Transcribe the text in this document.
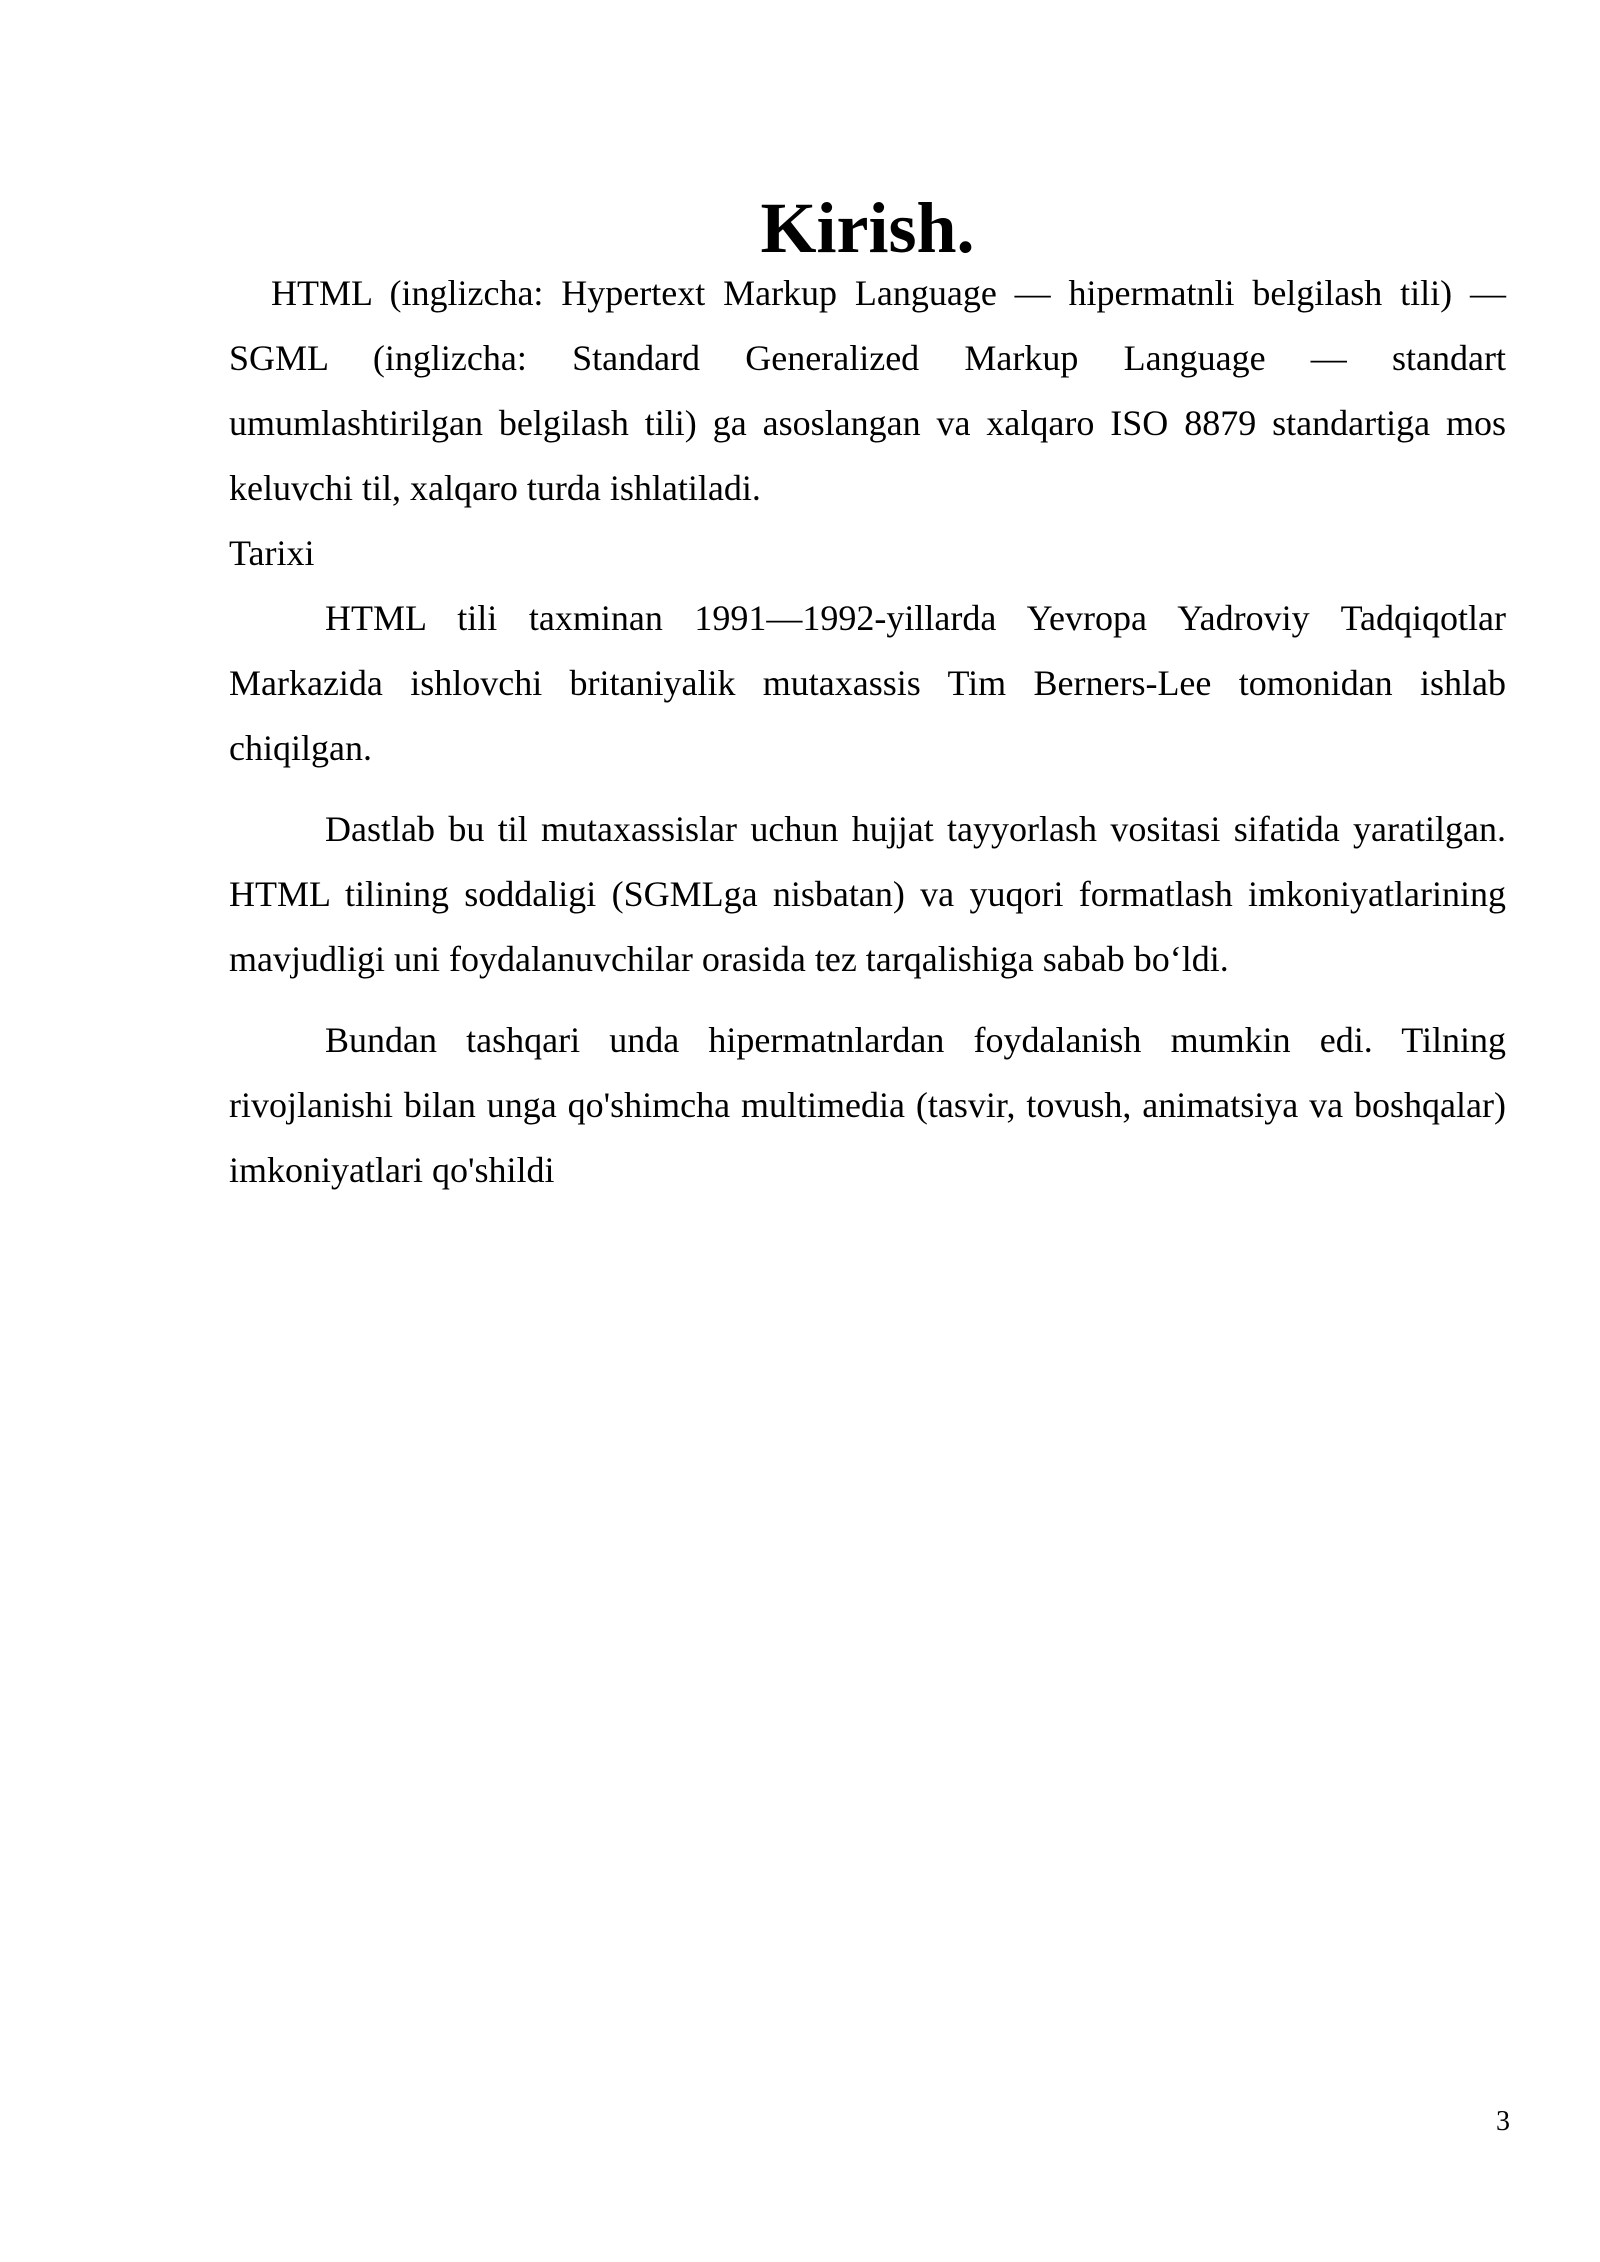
Kirish.

HTML (inglizcha: Hypertext Markup Language — hipermatnli belgilash tili) — SGML (inglizcha: Standard Generalized Markup Language — standart umumlashtirilgan belgilash tili) ga asoslangan va xalqaro ISO 8879 standartiga mos keluvchi til, xalqaro turda ishlatiladi.

Tarixi

HTML tili taxminan 1991—1992-yillarda Yevropa Yadroviy Tadqiqotlar Markazida ishlovchi britaniyalik mutaxassis Tim Berners-Lee tomonidan ishlab chiqilgan.

Dastlab bu til mutaxassislar uchun hujjat tayyorlash vositasi sifatida yaratilgan. HTML tilining soddaligi (SGMLga nisbatan) va yuqori formatlash imkoniyatlarining mavjudligi uni foydalanuvchilar orasida tez tarqalishiga sabab bo‘ldi.

Bundan tashqari unda hipermatnlardan foydalanish mumkin edi. Tilning rivojlanishi bilan unga qo'shimcha multimedia (tasvir, tovush, animatsiya va boshqalar) imkoniyatlari qo'shildi

3
